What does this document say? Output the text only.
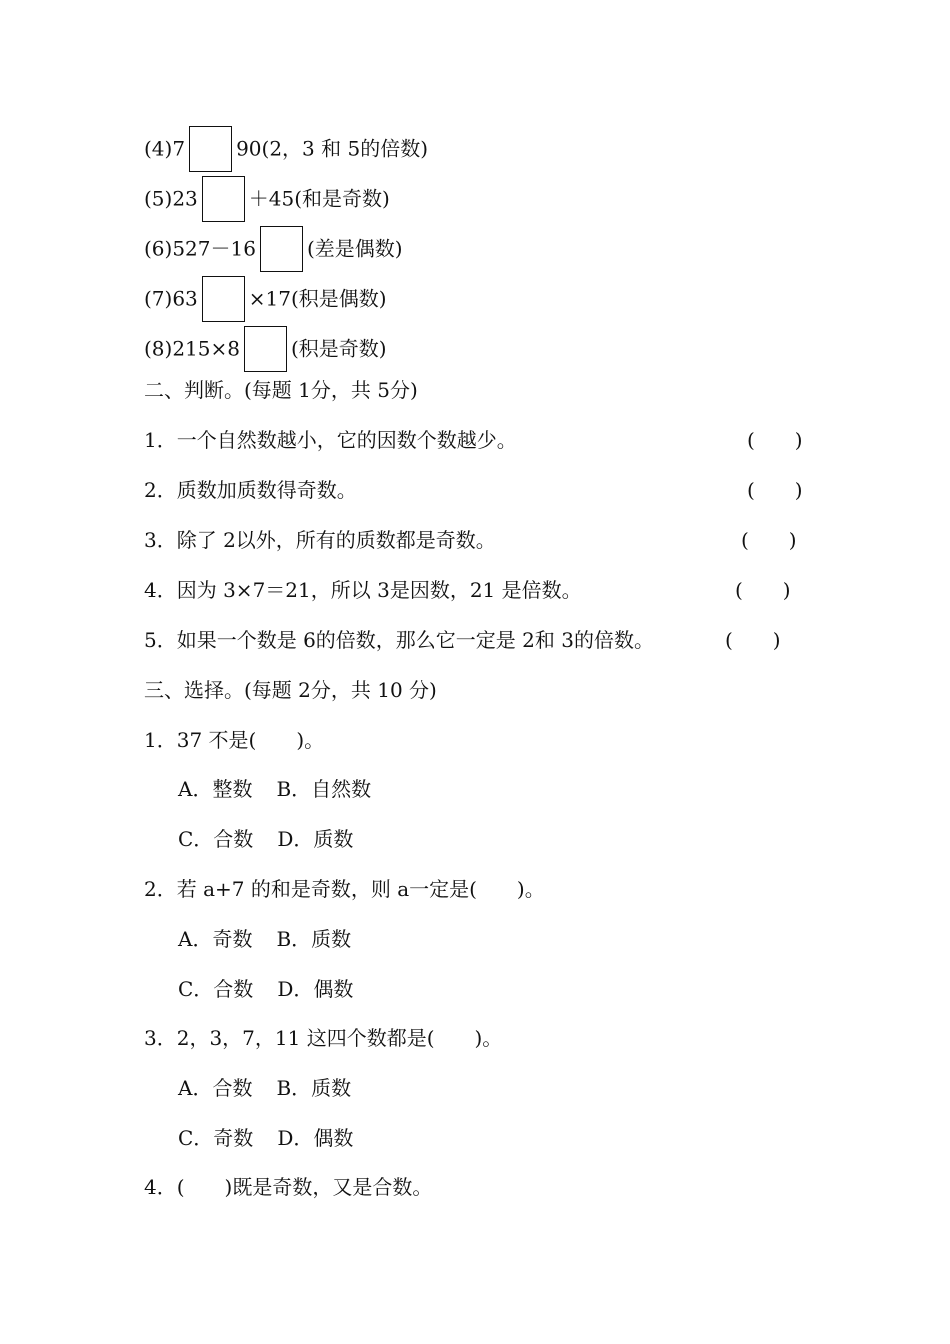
(4)7	90(2，3 和 5的倍数)
(5)23	＋45(和是奇数)
(6)527－16	(差是偶数)
(7)63	×17(积是偶数)
(8)215×8	(积是奇数)
二、判断。(每题 1分，共 5分)
1．一个自然数越小，它的因数个数越少。	(　　)
2．质数加质数得奇数。	(　　)
3．除了 2以外，所有的质数都是奇数。	(　　)
4．因为 3×7＝21，所以 3是因数，21 是倍数。	(　　)
5．如果一个数是 6的倍数，那么它一定是 2和 3的倍数。	(　　)
三、选择。(每题 2分，共 10 分)
1．37 不是(　　)。
A．整数 B．自然数
C．合数 D．质数
2．若 a+7 的和是奇数，则 a一定是(　　)。
A．奇数 B．质数
C．合数 D．偶数
3．2，3，7，11 这四个数都是(　　)。
A．合数 B．质数
C．奇数 D．偶数
4．(　　)既是奇数，又是合数。
